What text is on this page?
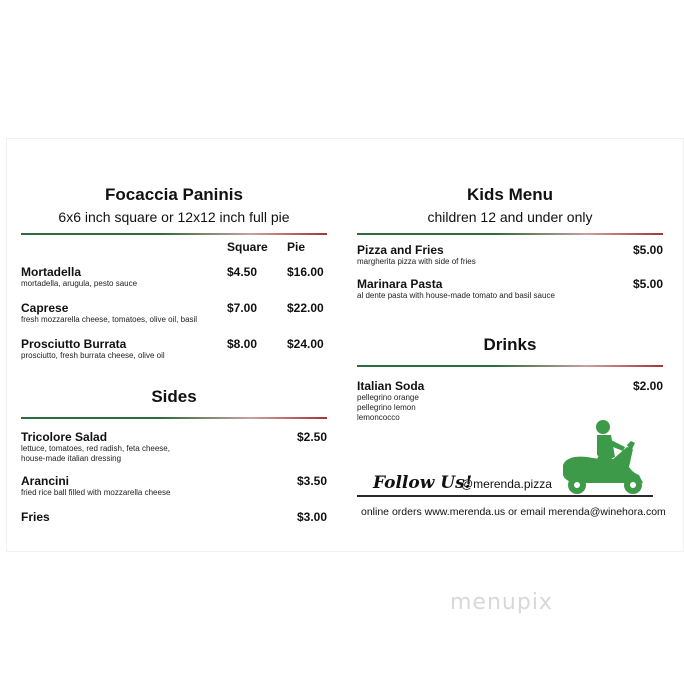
Focaccia Paninis
6x6 inch square or 12x12 inch full pie
Square Pie
Mortadella
mortadella, arugula, pesto sauce
$4.50 $16.00
Caprese
fresh mozzarella cheese, tomatoes, olive oil, basil
$7.00 $22.00
Prosciutto Burrata
prosciutto, fresh burrata cheese, olive oil
$8.00 $24.00
Sides
Tricolore Salad
lettuce, tomatoes, red radish, feta cheese,
house-made italian dressing
$2.50
Arancini
fried rice ball filled with mozzarella cheese
$3.50
Fries	$3.00
Kids Menu
children 12 and under only
Pizza and Fries
margherita pizza with side of fries
$5.00
Marinara Pasta
al dente pasta with house-made tomato and basil sauce
$5.00
Drinks
Italian Soda
pellegrino orange
pellegrino lemon
lemoncocco
$2.00
Follow Us!
@merenda.pizza
online orders www.merenda.us or email merenda@winehora.com
menupix
